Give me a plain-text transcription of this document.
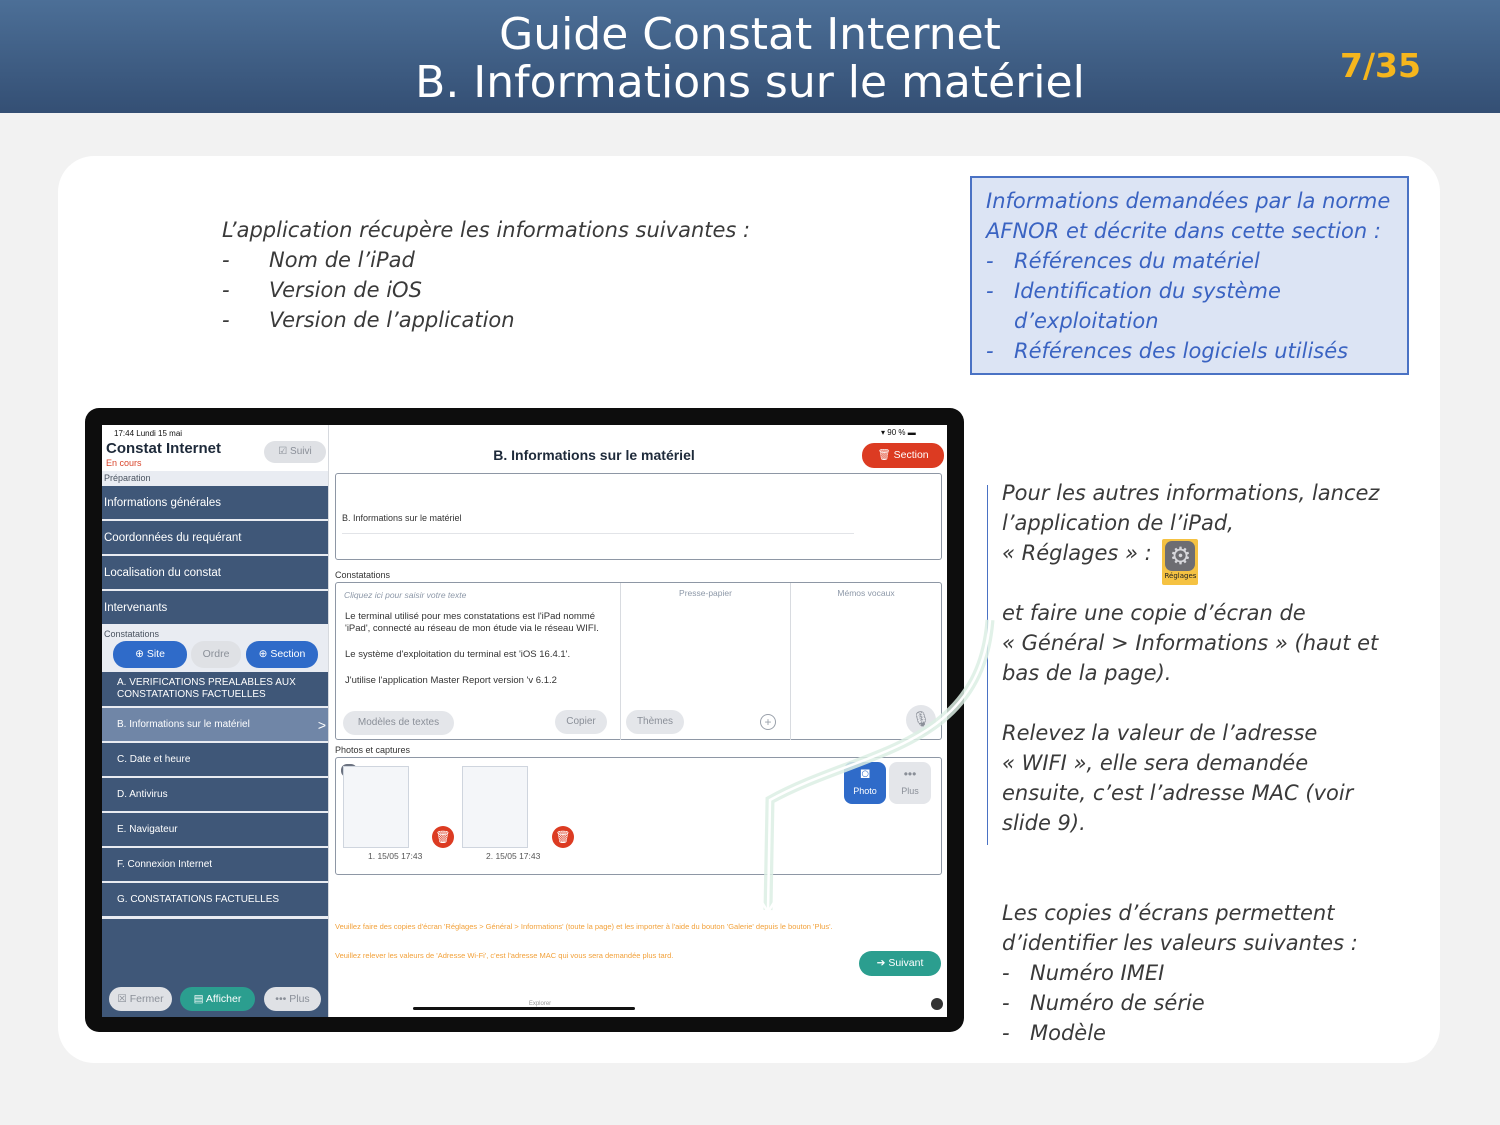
Guide Constat Internet
B. Informations sur le matériel	7/35
L’application récupère les informations suivantes :
-	Nom de l’iPad
-	Version de iOS
-	Version de l’application
Informations demandées par la norme
AFNOR et décrite dans cette section :
- Références du matériel
- Identification du système
d’exploitation
- Références des logiciels utilisés
Pour les autres informations, lancez
l’application de l’iPad,
« Réglages » : ⚙
Réglages
et faire une copie d’écran de
« Général > Informations » (haut et
bas de la page).
Relevez la valeur de l’adresse
« WIFI », elle sera demandée
ensuite, c’est l’adresse MAC (voir
slide 9).
Les copies d’écrans permettent
d’identifier les valeurs suivantes :
- Numéro IMEI
- Numéro de série
- Modèle
17:44 Lundi 15 mai
Constat Internet
En cours
☑ Suivi
Préparation
Informations générales
Coordonnées du requérant
Localisation du constat
Intervenants
Constatations
⊕ Site	Ordre	⊕ Section
A. VERIFICATIONS PREALABLES AUX
CONSTATATIONS FACTUELLES
B. Informations sur le matériel	>
C. Date et heure
D. Antivirus
E. Navigateur
F. Connexion Internet
G. CONSTATATIONS FACTUELLES
☒ Fermer	▤ Afficher	••• Plus
▾ 90 % ▬
B. Informations sur le matériel	🗑 Section
B. Informations sur le matériel
Constatations
Cliquez ici pour saisir votre texte	Presse-papier	Mémos vocaux
Le terminal utilisé pour mes constatations est l'iPad nommé 'iPad', connecté au réseau de mon étude via le réseau WIFI.
Le système d'exploitation du terminal est 'iOS 16.4.1'.
J'utilise l'application Master Report version 'v 6.1.2
Modèles de textes	Copier	Thèmes	+	🎙
Photos et captures
🗑	🗑
1. 15/05 17:43	2. 15/05 17:43
◙
Photo
•••
Plus
Veuillez faire des copies d'écran 'Réglages > Général > Informations' (toute la page) et les importer à l'aide du bouton 'Galerie' depuis le bouton 'Plus'.
Veuillez relever les valeurs de 'Adresse Wi-Fi', c'est l'adresse MAC qui vous sera demandée plus tard.
➔ Suivant
Explorer
